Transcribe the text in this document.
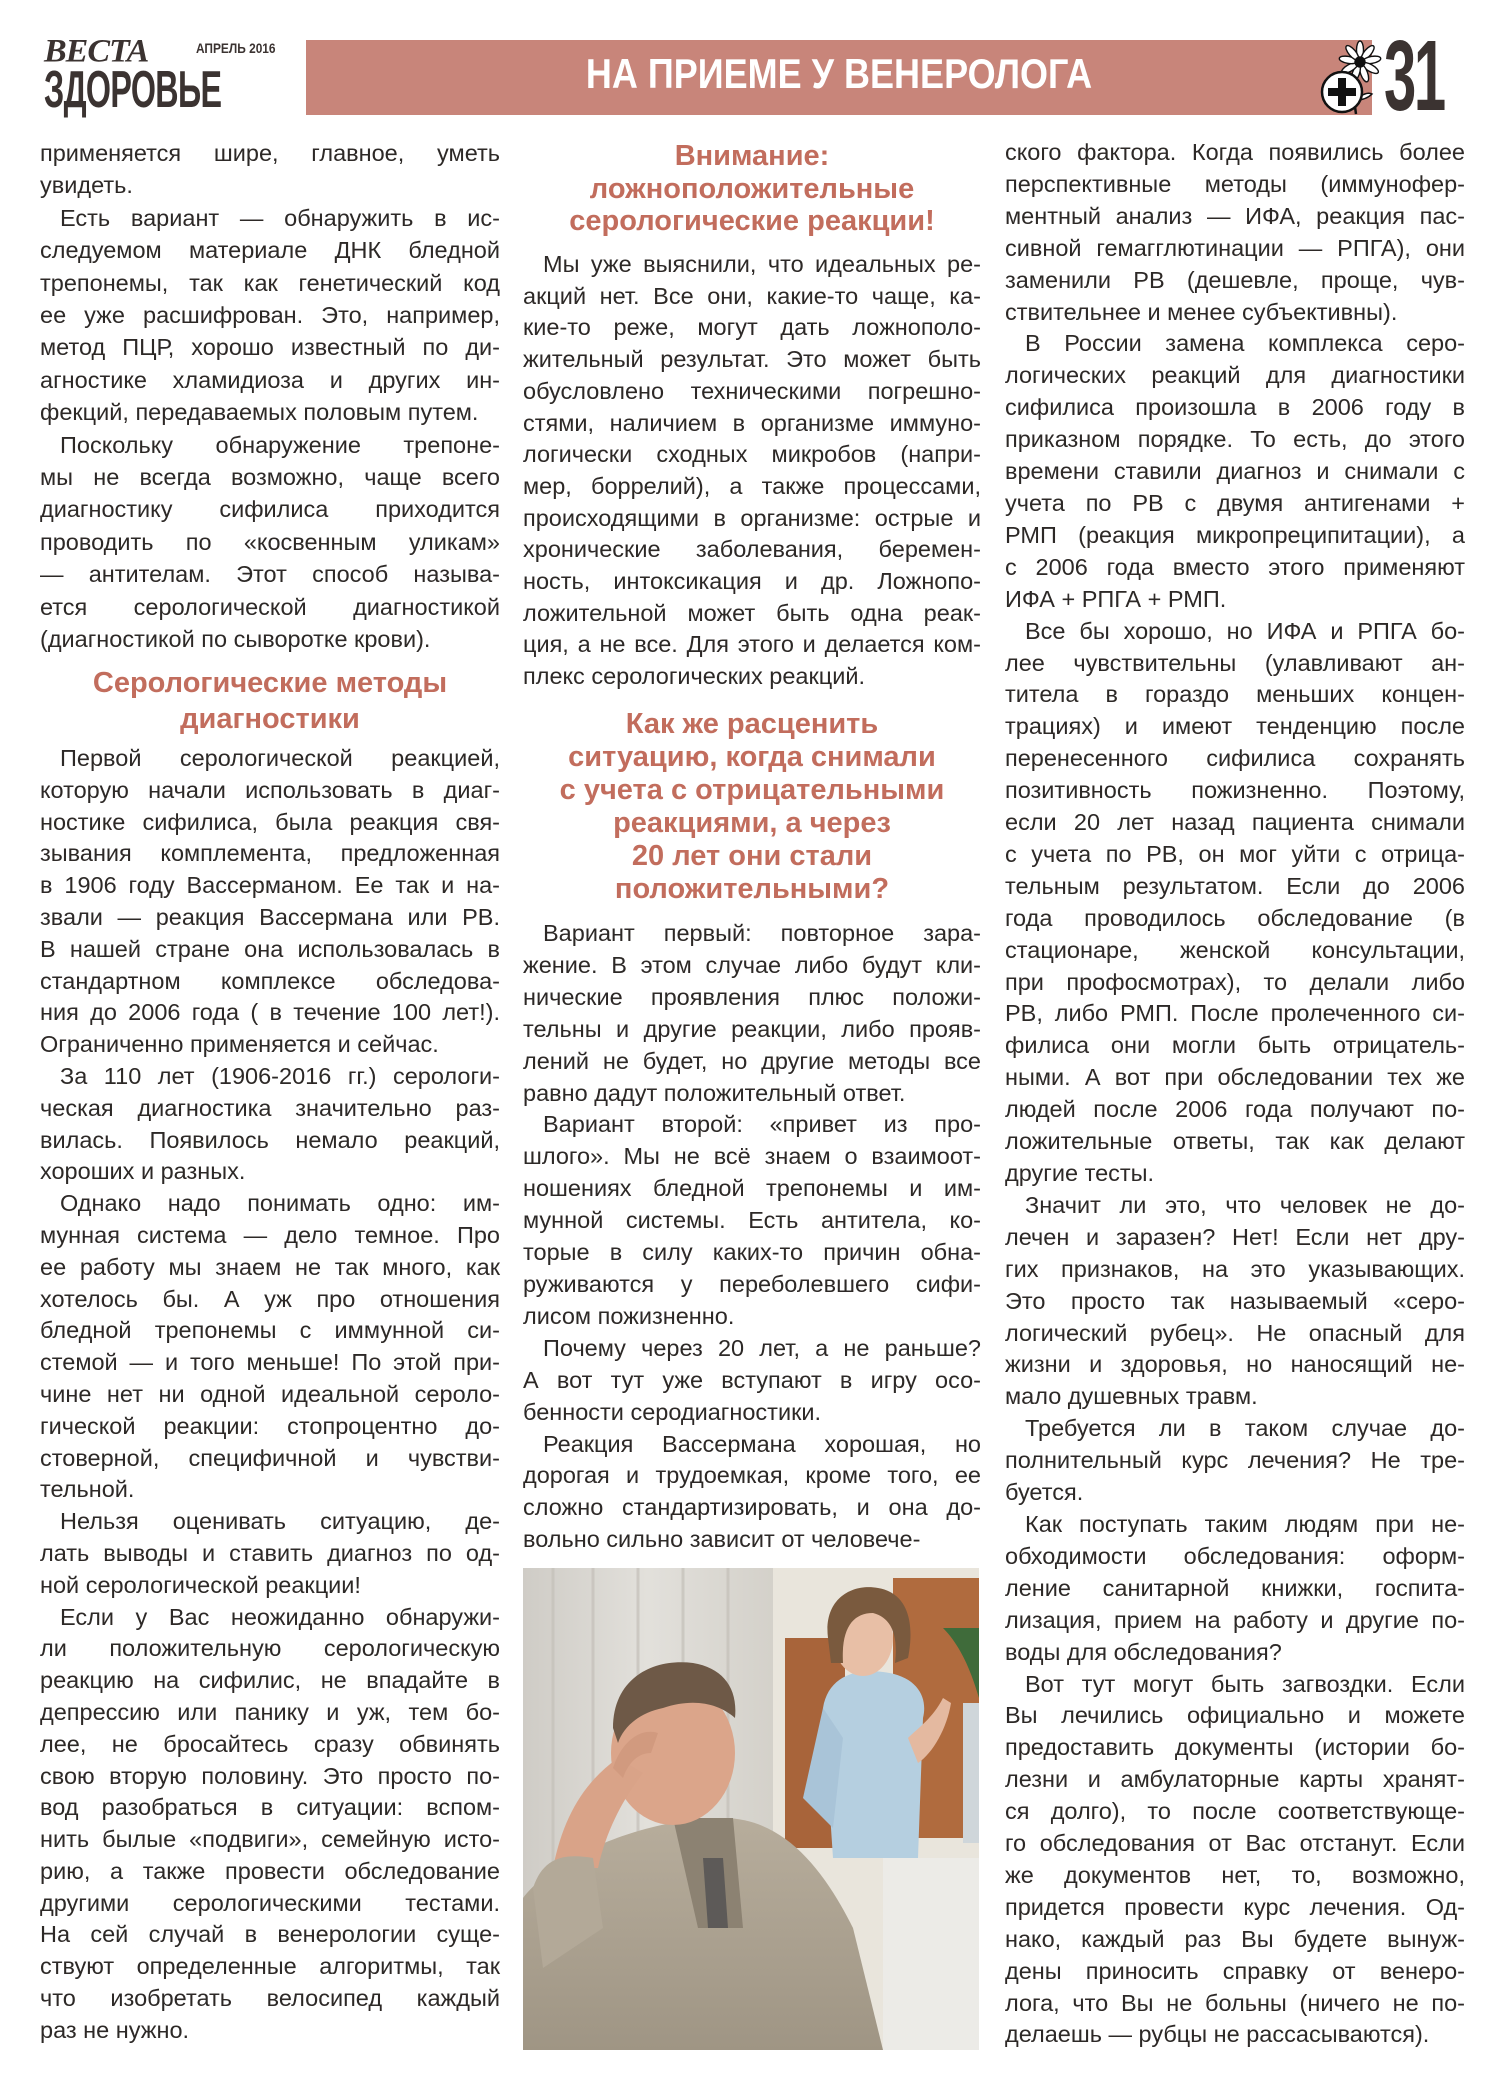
ВЕСТА	АПРЕЛЬ 2016
ЗДОРОВЬЕ	НА ПРИЕМЕ У ВЕНЕРОЛОГА	31
применяется шире, главное, уметь
увидеть.
Есть вариант — обнаружить в ис-
следуемом материале ДНК бледной
трепонемы, так как генетический код
ее уже расшифрован. Это, например,
метод ПЦР, хорошо известный по ди-
агностике хламидиоза и других ин-
фекций, передаваемых половым путем.
Поскольку обнаружение трепоне-
мы не всегда возможно, чаще всего
диагностику сифилиса приходится
проводить по «косвенным уликам»
— антителам. Этот способ называ-
ется серологической диагностикой
(диагностикой по сыворотке крови).
Серологические методы
диагностики
Первой серологической реакцией,
которую начали использовать в диаг-
ностике сифилиса, была реакция свя-
зывания комплемента, предложенная
в 1906 году Вассерманом. Ее так и на-
звали — реакция Вассермана или РВ.
В нашей стране она использовалась в
стандартном комплексе обследова-
ния до 2006 года ( в течение 100 лет!).
Ограниченно применяется и сейчас.
За 110 лет (1906-2016 гг.) серологи-
ческая диагностика значительно раз-
вилась. Появилось немало реакций,
хороших и разных.
Однако надо понимать одно: им-
мунная система — дело темное. Про
ее работу мы знаем не так много, как
хотелось бы. А уж про отношения
бледной трепонемы с иммунной си-
стемой — и того меньше! По этой при-
чине нет ни одной идеальной сероло-
гической реакции: стопроцентно до-
стоверной, специфичной и чувстви-
тельной.
Нельзя оценивать ситуацию, де-
лать выводы и ставить диагноз по од-
ной серологической реакции!
Если у Вас неожиданно обнаружи-
ли положительную серологическую
реакцию на сифилис, не впадайте в
депрессию или панику и уж, тем бо-
лее, не бросайтесь сразу обвинять
свою вторую половину. Это просто по-
вод разобраться в ситуации: вспом-
нить былые «подвиги», семейную исто-
рию, а также провести обследование
другими серологическими тестами.
На сей случай в венерологии суще-
ствуют определенные алгоритмы, так
что изобретать велосипед каждый
раз не нужно.
Внимание:
ложноположительные
серологические реакции!
Мы уже выяснили, что идеальных ре-
акций нет. Все они, какие-то чаще, ка-
кие-то реже, могут дать ложнополо-
жительный результат. Это может быть
обусловлено техническими погрешно-
стями, наличием в организме иммуно-
логически сходных микробов (напри-
мер, боррелий), а также процессами,
происходящими в организме: острые и
хронические заболевания, беремен-
ность, интоксикация и др. Ложнопо-
ложительной может быть одна реак-
ция, а не все. Для этого и делается ком-
плекс серологических реакций.
Как же расценить
ситуацию, когда снимали
с учета с отрицательными
реакциями, а через
20 лет они стали
положительными?
Вариант первый: повторное зара-
жение. В этом случае либо будут кли-
нические проявления плюс положи-
тельны и другие реакции, либо прояв-
лений не будет, но другие методы все
равно дадут положительный ответ.
Вариант второй: «привет из про-
шлого». Мы не всё знаем о взаимоот-
ношениях бледной трепонемы и им-
мунной системы. Есть антитела, ко-
торые в силу каких-то причин обна-
руживаются у переболевшего сифи-
лисом пожизненно.
Почему через 20 лет, а не раньше?
А вот тут уже вступают в игру осо-
бенности серодиагностики.
Реакция Вассермана хорошая, но
дорогая и трудоемкая, кроме того, ее
сложно стандартизировать, и она до-
вольно сильно зависит от человече-
ского фактора. Когда появились более
перспективные методы (иммунофер-
ментный анализ — ИФА, реакция пас-
сивной гемагглютинации — РПГА), они
заменили РВ (дешевле, проще, чув-
ствительнее и менее субъективны).
В России замена комплекса серо-
логических реакций для диагностики
сифилиса произошла в 2006 году в
приказном порядке. То есть, до этого
времени ставили диагноз и снимали с
учета по РВ с двумя антигенами +
РМП (реакция микропреципитации), а
с 2006 года вместо этого применяют
ИФА + РПГА + РМП.
Все бы хорошо, но ИФА и РПГА бо-
лее чувствительны (улавливают ан-
титела в гораздо меньших концен-
трациях) и имеют тенденцию после
перенесенного сифилиса сохранять
позитивность пожизненно. Поэтому,
если 20 лет назад пациента снимали
с учета по РВ, он мог уйти с отрица-
тельным результатом. Если до 2006
года проводилось обследование (в
стационаре, женской консультации,
при профосмотрах), то делали либо
РВ, либо РМП. После пролеченного си-
филиса они могли быть отрицатель-
ными. А вот при обследовании тех же
людей после 2006 года получают по-
ложительные ответы, так как делают
другие тесты.
Значит ли это, что человек не до-
лечен и заразен? Нет! Если нет дру-
гих признаков, на это указывающих.
Это просто так называемый «серо-
логический рубец». Не опасный для
жизни и здоровья, но наносящий не-
мало душевных травм.
Требуется ли в таком случае до-
полнительный курс лечения? Не тре-
буется.
Как поступать таким людям при не-
обходимости обследования: оформ-
ление санитарной книжки, госпита-
лизация, прием на работу и другие по-
воды для обследования?
Вот тут могут быть загвоздки. Если
Вы лечились официально и можете
предоставить документы (истории бо-
лезни и амбулаторные карты хранят-
ся долго), то после соответствующе-
го обследования от Вас отстанут. Если
же документов нет, то, возможно,
придется провести курс лечения. Од-
нако, каждый раз Вы будете вынуж-
дены приносить справку от венеро-
лога, что Вы не больны (ничего не по-
делаешь — рубцы не рассасываются).
